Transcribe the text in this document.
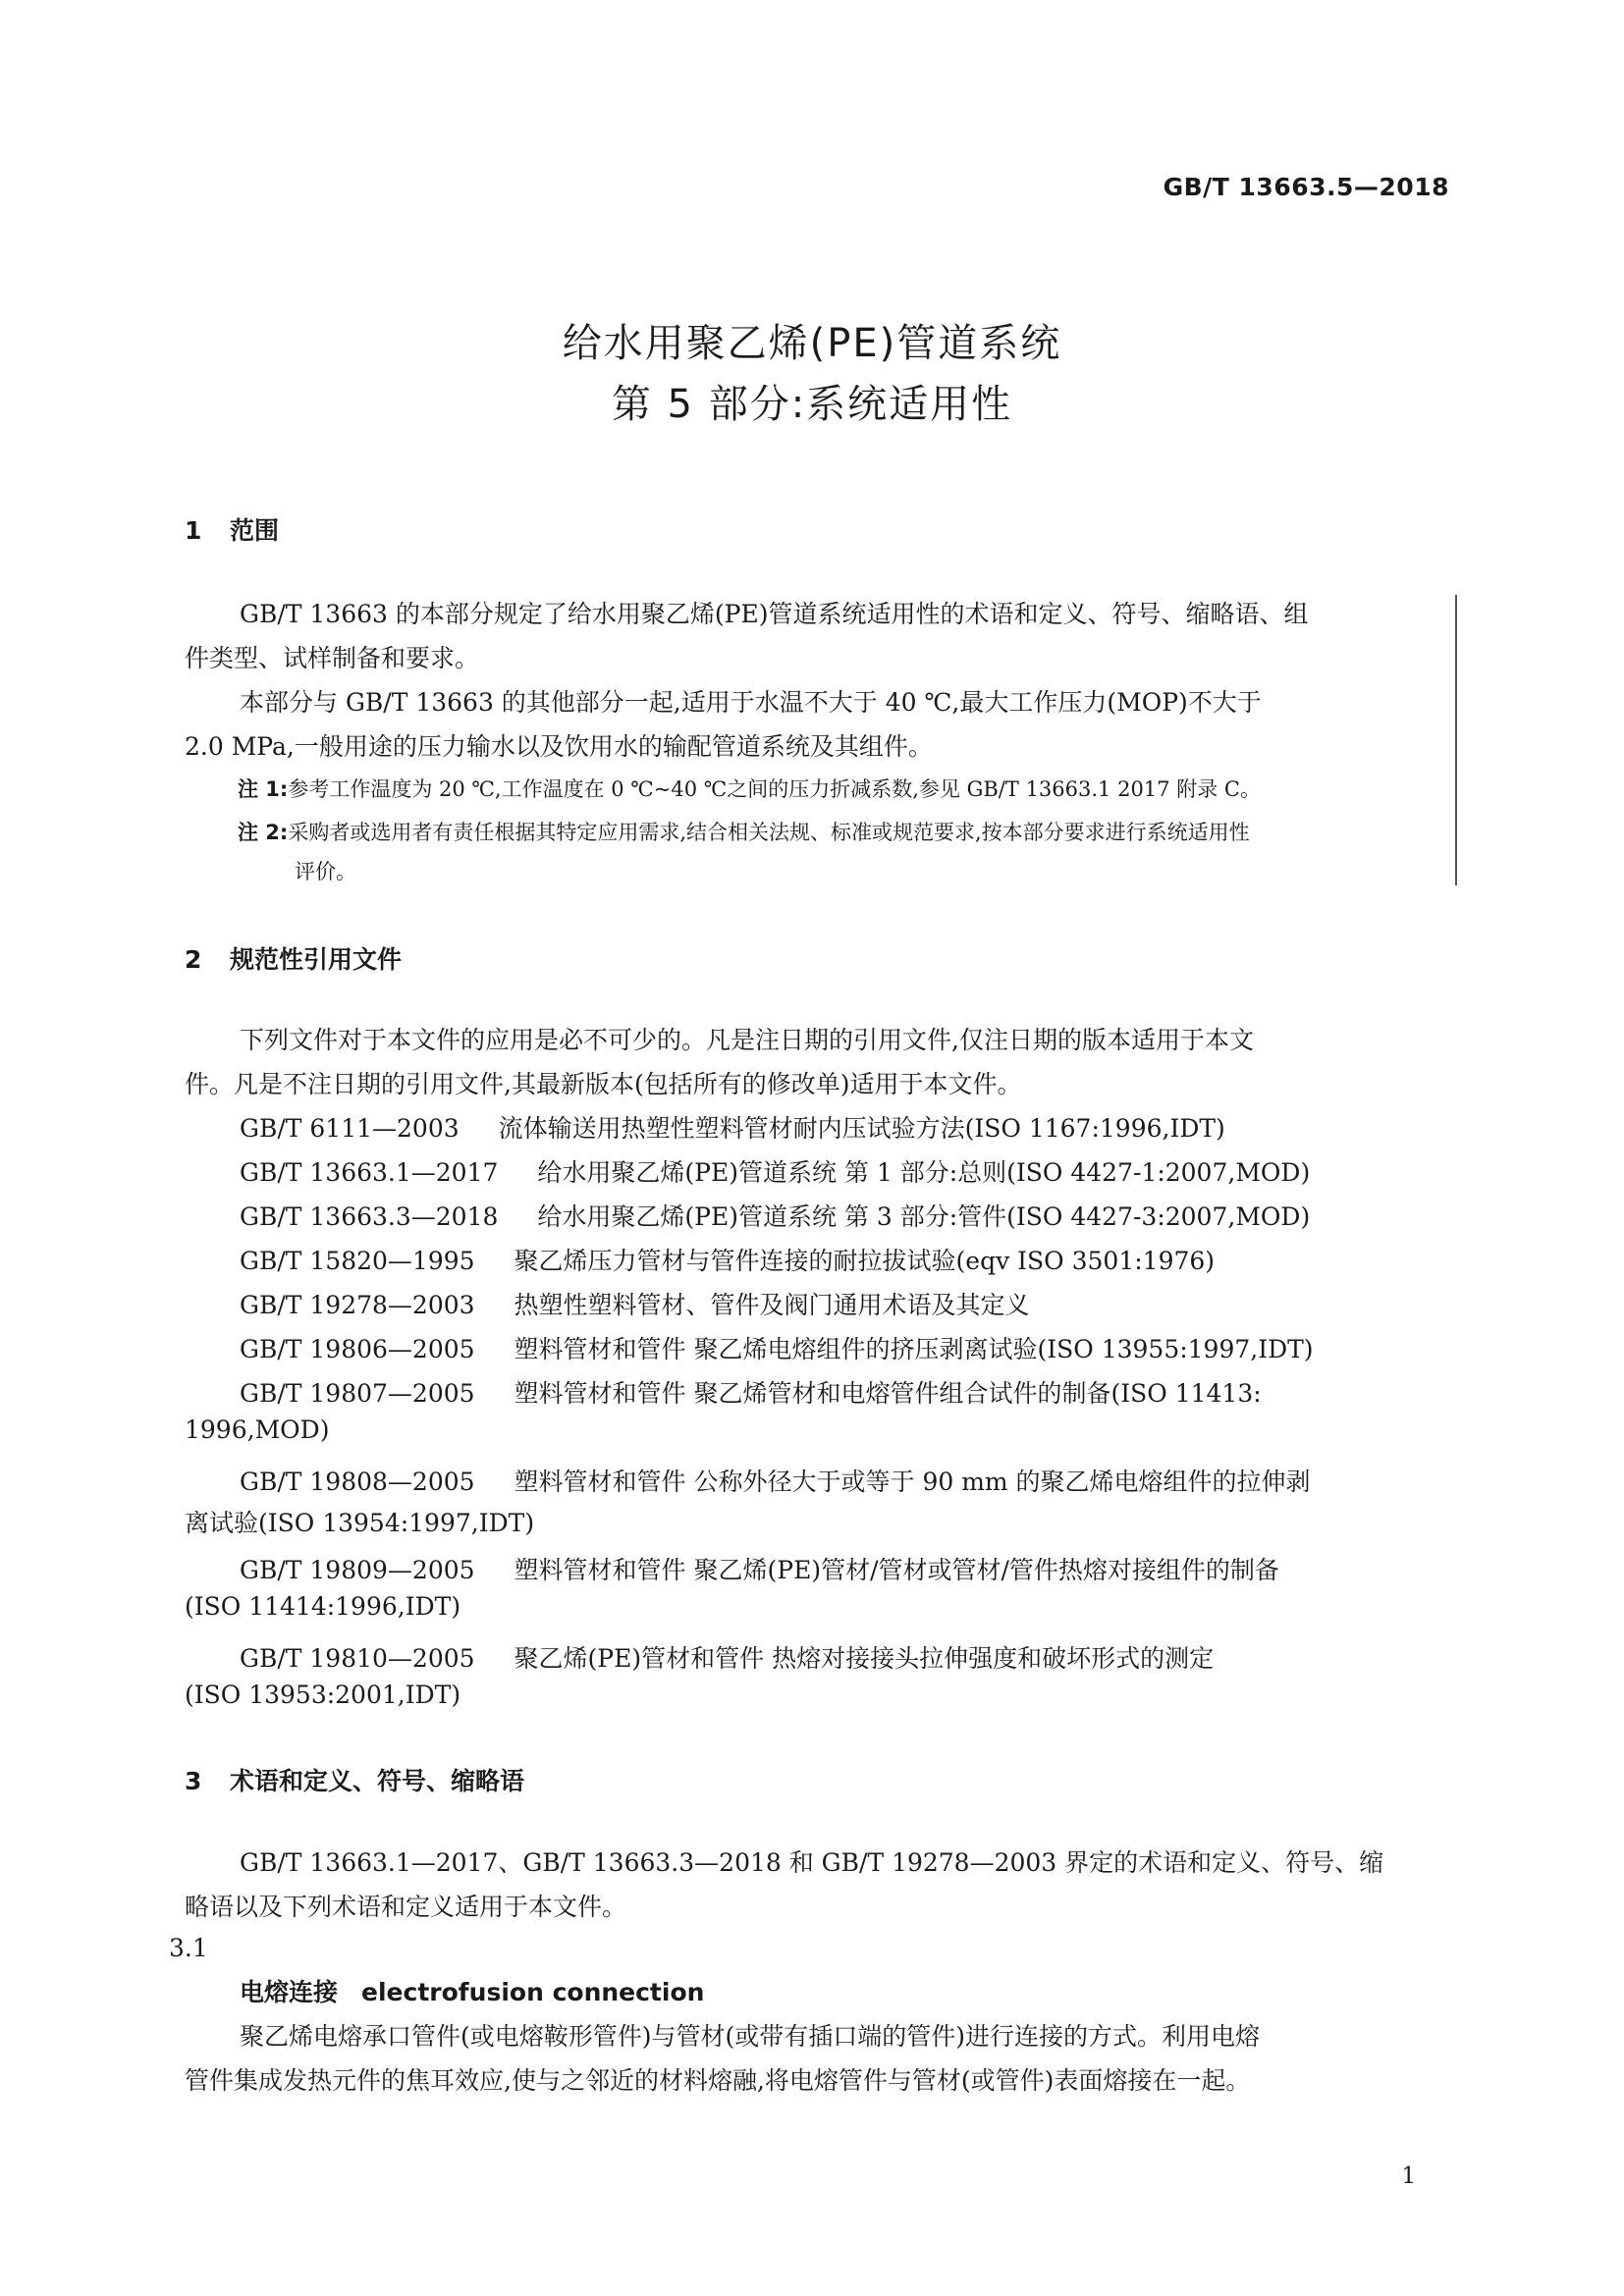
GB/T 13663.5—2018
给水用聚乙烯(PE)管道系统
第 5 部分:系统适用性
1 范围
GB/T 13663 的本部分规定了给水用聚乙烯(PE)管道系统适用性的术语和定义、符号、缩略语、组
件类型、试样制备和要求。
本部分与 GB/T 13663 的其他部分一起,适用于水温不大于 40 ℃,最大工作压力(MOP)不大于
2.0 MPa,一般用途的压力输水以及饮用水的输配管道系统及其组件。
注 1:参考工作温度为 20 ℃,工作温度在 0 ℃~40 ℃之间的压力折减系数,参见 GB/T 13663.1 2017 附录 C。
注 2:采购者或选用者有责任根据其特定应用需求,结合相关法规、标准或规范要求,按本部分要求进行系统适用性
评价。
2 规范性引用文件
下列文件对于本文件的应用是必不可少的。凡是注日期的引用文件,仅注日期的版本适用于本文
件。凡是不注日期的引用文件,其最新版本(包括所有的修改单)适用于本文件。
GB/T 6111—2003 流体输送用热塑性塑料管材耐内压试验方法(ISO 1167:1996,IDT)
GB/T 13663.1—2017 给水用聚乙烯(PE)管道系统 第 1 部分:总则(ISO 4427-1:2007,MOD)
GB/T 13663.3—2018 给水用聚乙烯(PE)管道系统 第 3 部分:管件(ISO 4427-3:2007,MOD)
GB/T 15820—1995 聚乙烯压力管材与管件连接的耐拉拔试验(eqv ISO 3501:1976)
GB/T 19278—2003 热塑性塑料管材、管件及阀门通用术语及其定义
GB/T 19806—2005 塑料管材和管件 聚乙烯电熔组件的挤压剥离试验(ISO 13955:1997,IDT)
GB/T 19807—2005 塑料管材和管件 聚乙烯管材和电熔管件组合试件的制备(ISO 11413:
1996,MOD)
GB/T 19808—2005 塑料管材和管件 公称外径大于或等于 90 mm 的聚乙烯电熔组件的拉伸剥
离试验(ISO 13954:1997,IDT)
GB/T 19809—2005 塑料管材和管件 聚乙烯(PE)管材/管材或管材/管件热熔对接组件的制备
(ISO 11414:1996,IDT)
GB/T 19810—2005 聚乙烯(PE)管材和管件 热熔对接接头拉伸强度和破坏形式的测定
(ISO 13953:2001,IDT)
3 术语和定义、符号、缩略语
GB/T 13663.1—2017、GB/T 13663.3—2018 和 GB/T 19278—2003 界定的术语和定义、符号、缩
略语以及下列术语和定义适用于本文件。
3.1
电熔连接 electrofusion connection
聚乙烯电熔承口管件(或电熔鞍形管件)与管材(或带有插口端的管件)进行连接的方式。利用电熔
管件集成发热元件的焦耳效应,使与之邻近的材料熔融,将电熔管件与管材(或管件)表面熔接在一起。
1
